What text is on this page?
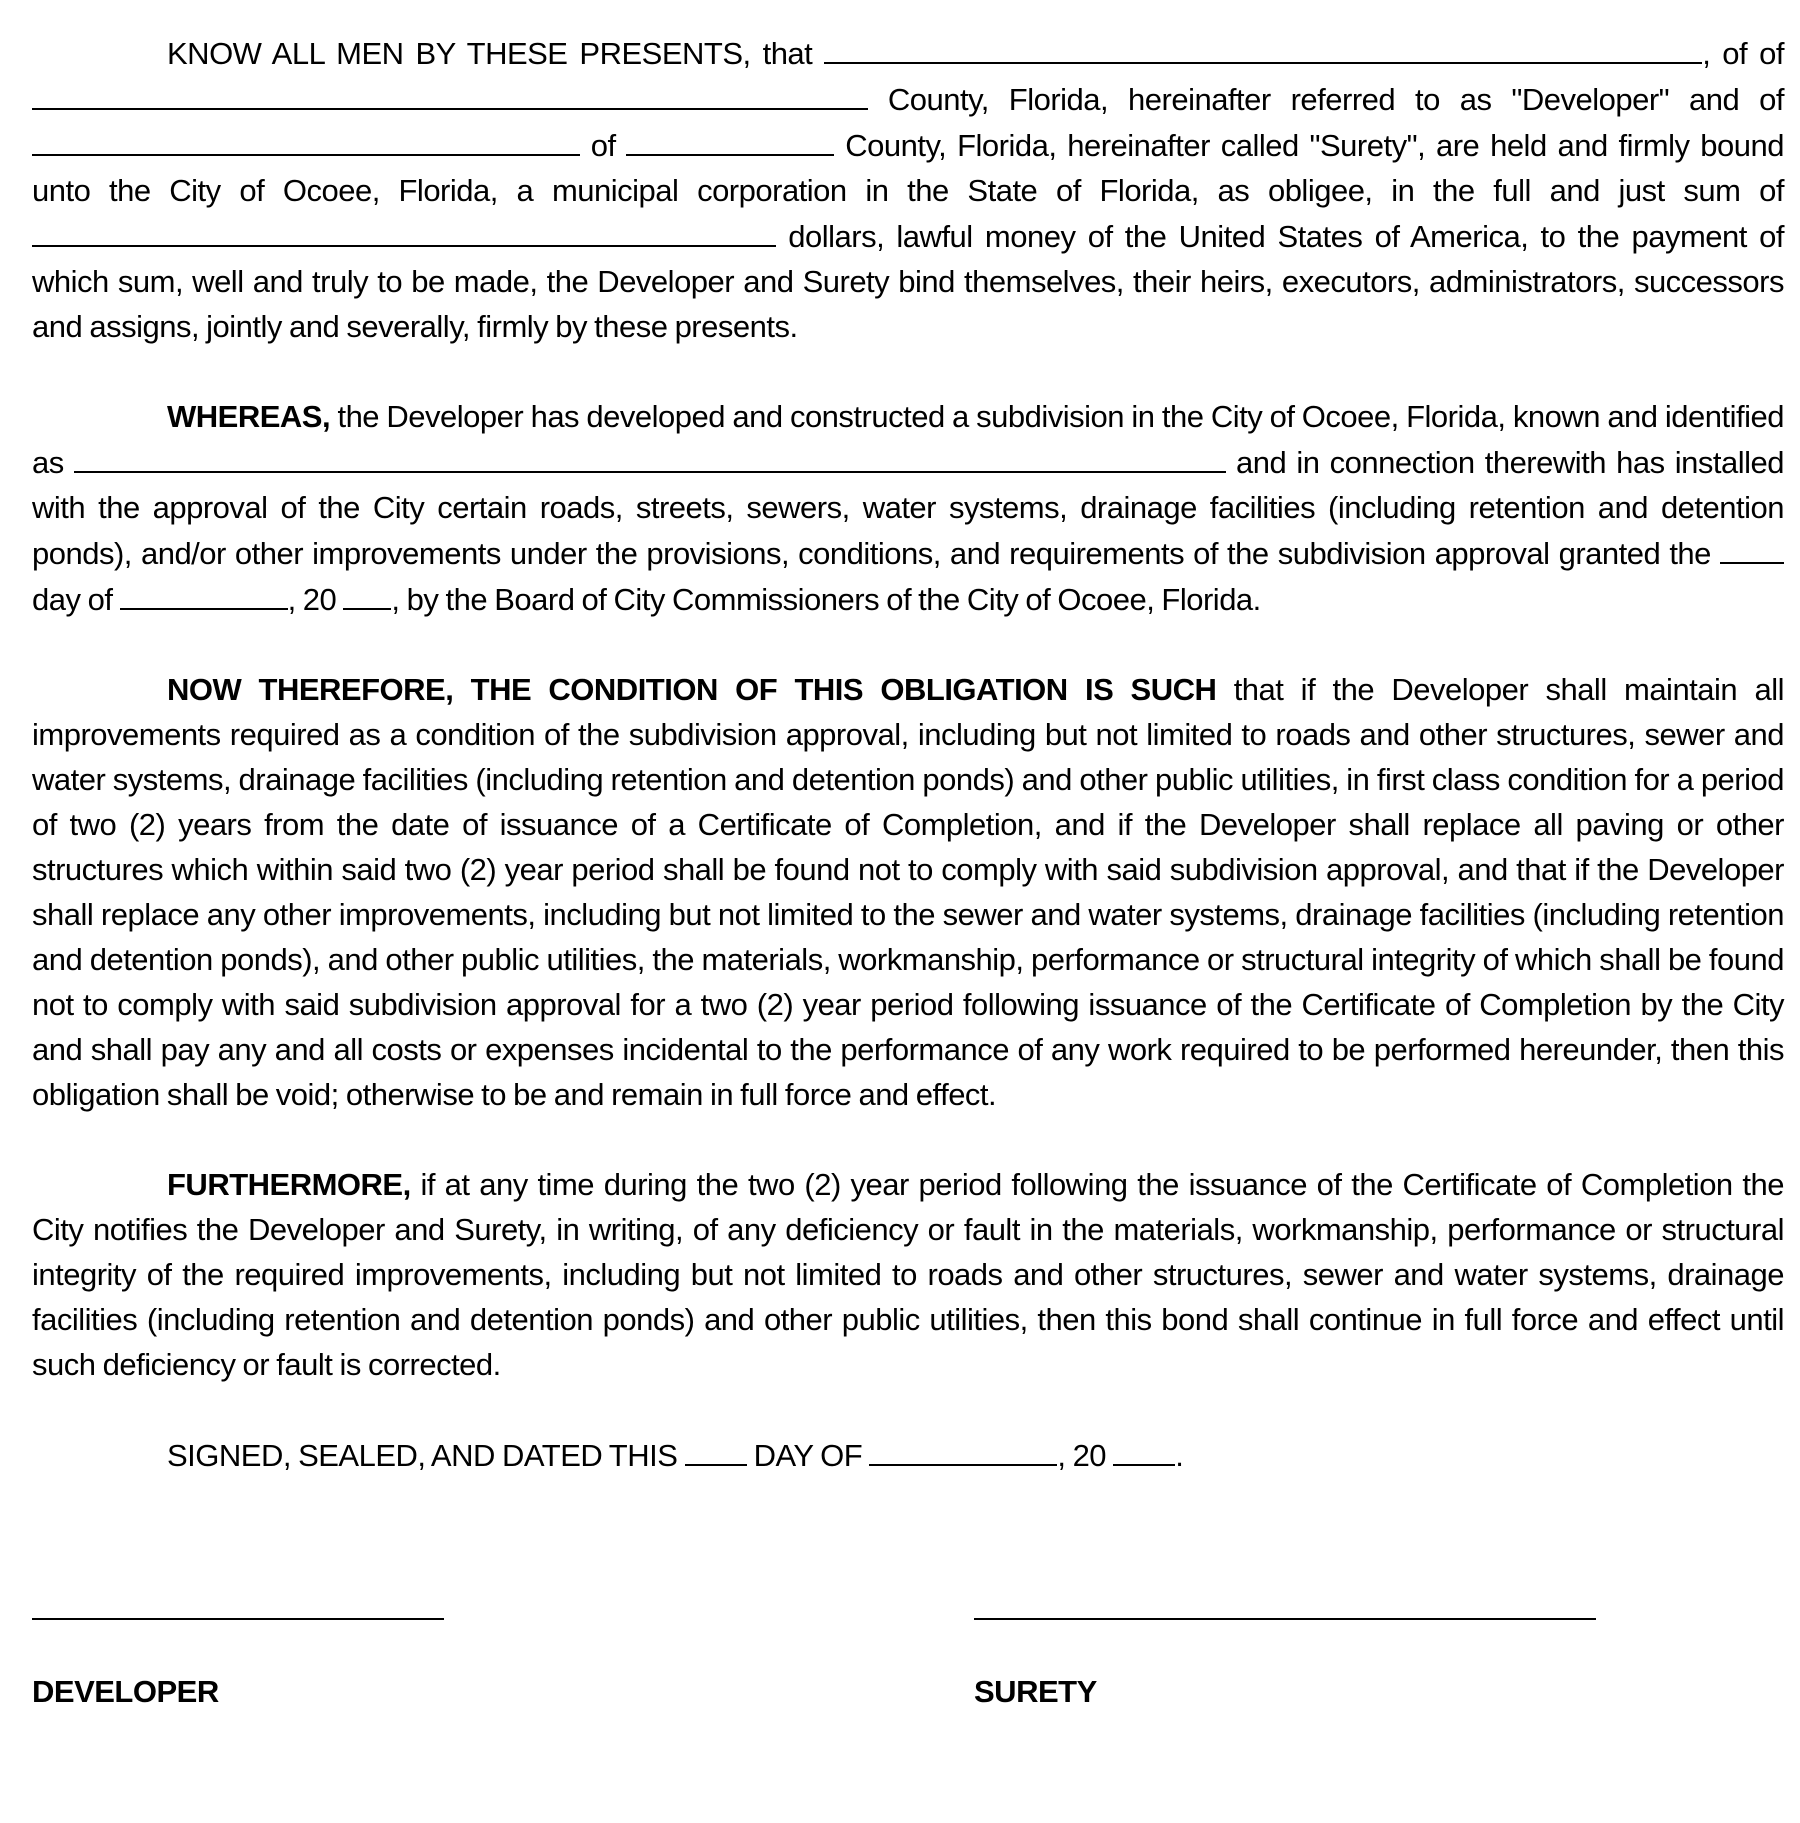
KNOW ALL MEN BY THESE PRESENTS, that	, of of  County, Florida, hereinafter referred to as "Developer" and of  of	County, Florida, hereinafter called "Surety", are held and firmly bound unto the City of Ocoee, Florida, a municipal corporation in the State of Florida, as obligee, in the full and just sum of  dollars, lawful money of the United States of America, to the payment of which sum, well and truly to be made, the Developer and Surety bind themselves, their heirs, executors, administrators, successors and assigns, jointly and severally, firmly by these presents.

WHEREAS, the Developer has developed and constructed a subdivision in the City of Ocoee, Florida, known and identified as	and in connection therewith has installed with the approval of the City certain roads, streets, sewers, water systems, drainage facilities (including retention and detention ponds), and/or other improvements under the provisions, conditions, and requirements of the subdivision approval granted the  day of	, 20 , by the Board of City Commissioners of the City of Ocoee, Florida.

NOW THEREFORE, THE CONDITION OF THIS OBLIGATION IS SUCH that if the Developer shall maintain all improvements required as a condition of the subdivision approval, including but not limited to roads and other structures, sewer and water systems, drainage facilities (including retention and detention ponds) and other public utilities, in first class condition for a period of two (2) years from the date of issuance of a Certificate of Completion, and if the Developer shall replace all paving or other structures which within said two (2) year period shall be found not to comply with said subdivision approval, and that if the Developer shall replace any other improvements, including but not limited to the sewer and water systems, drainage facilities (including retention and detention ponds), and other public utilities, the materials, workmanship, performance or structural integrity of which shall be found not to comply with said subdivision approval for a two (2) year period following issuance of the Certificate of Completion by the City and shall pay any and all costs or expenses incidental to the performance of any work required to be performed hereunder, then this obligation shall be void; otherwise to be and remain in full force and effect.

FURTHERMORE, if at any time during the two (2) year period following the issuance of the Certificate of Completion the City notifies the Developer and Surety, in writing, of any deficiency or fault in the materials, workmanship, performance or structural integrity of the required improvements, including but not limited to roads and other structures, sewer and water systems, drainage facilities (including retention and detention ponds) and other public utilities, then this bond shall continue in full force and effect until such deficiency or fault is corrected.

SIGNED, SEALED, AND DATED THIS DAY OF	, 20 .

DEVELOPER	SURETY
